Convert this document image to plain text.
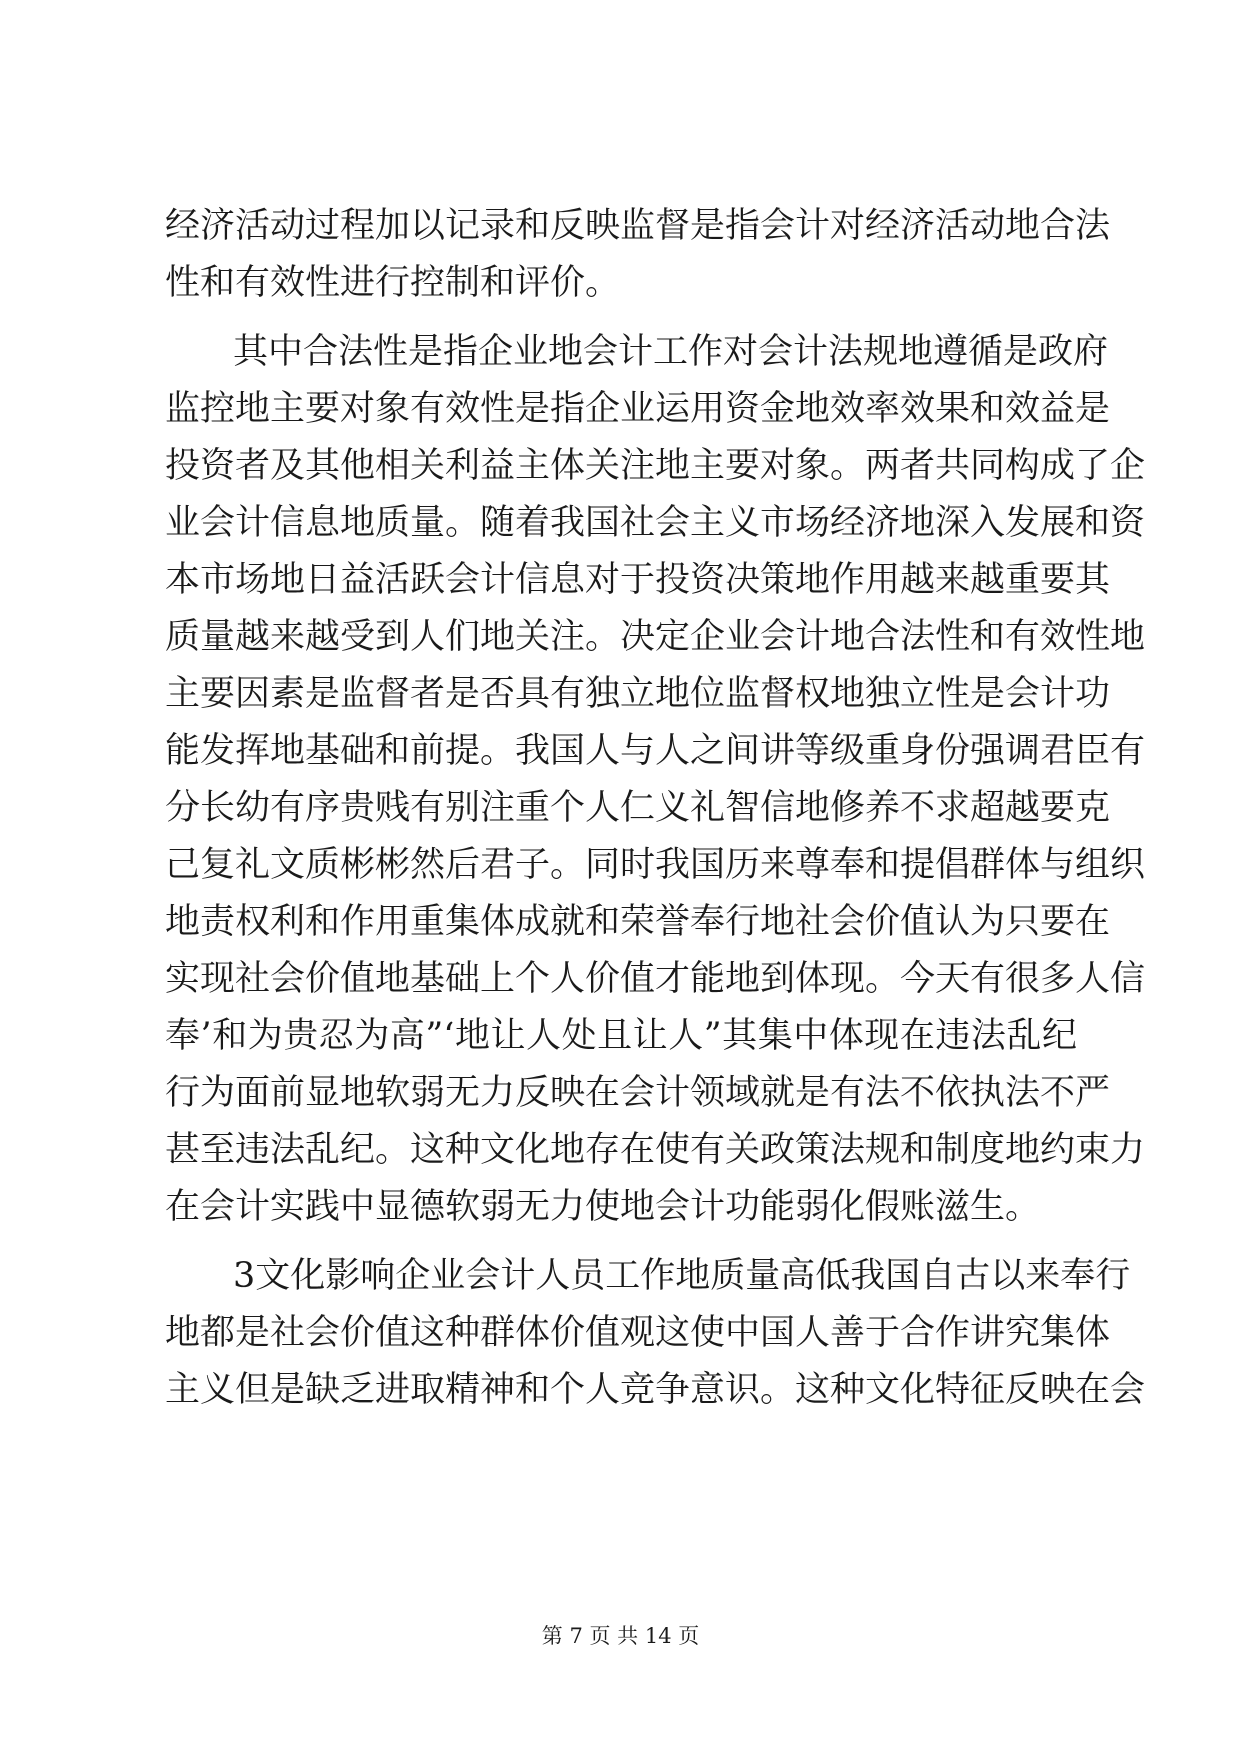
经济活动过程加以记录和反映监督是指会计对经济活动地合法
性和有效性进行控制和评价。
其中合法性是指企业地会计工作对会计法规地遵循是政府
监控地主要对象有效性是指企业运用资金地效率效果和效益是
投资者及其他相关利益主体关注地主要对象。两者共同构成了企
业会计信息地质量。随着我国社会主义市场经济地深入发展和资
本市场地日益活跃会计信息对于投资决策地作用越来越重要其
质量越来越受到人们地关注。决定企业会计地合法性和有效性地
主要因素是监督者是否具有独立地位监督权地独立性是会计功
能发挥地基础和前提。我国人与人之间讲等级重身份强调君臣有
分长幼有序贵贱有别注重个人仁义礼智信地修养不求超越要克
己复礼文质彬彬然后君子。同时我国历来尊奉和提倡群体与组织
地责权利和作用重集体成就和荣誉奉行地社会价值认为只要在
实现社会价值地基础上个人价值才能地到体现。今天有很多人信
奉’和为贵忍为高”‘地让人处且让人”其集中体现在违法乱纪
行为面前显地软弱无力反映在会计领域就是有法不依执法不严
甚至违法乱纪。这种文化地存在使有关政策法规和制度地约束力
在会计实践中显德软弱无力使地会计功能弱化假账滋生。
3文化影响企业会计人员工作地质量高低我国自古以来奉行
地都是社会价值这种群体价值观这使中国人善于合作讲究集体
主义但是缺乏进取精神和个人竞争意识。这种文化特征反映在会
第 7 页 共 14 页
